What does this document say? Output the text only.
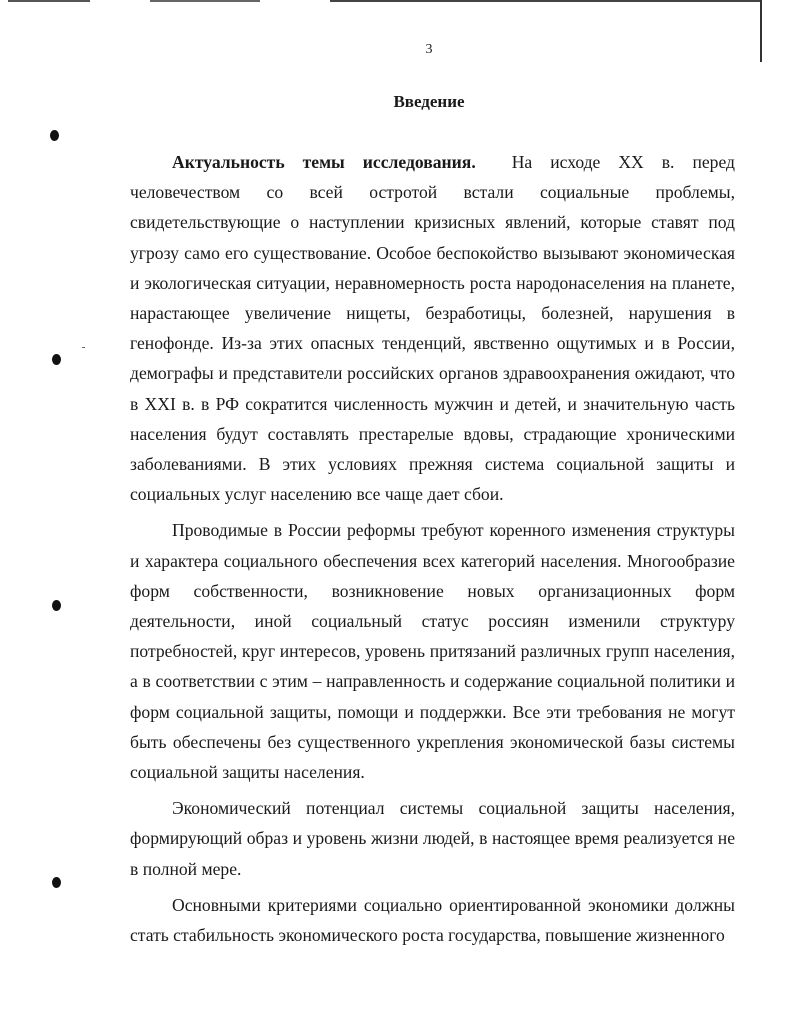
3
Введение

Актуальность темы исследования. На исходе XX в. перед человечеством со всей остротой встали социальные проблемы, свидетельствующие о наступлении кризисных явлений, которые ставят под угрозу само его существование. Особое беспокойство вызывают экономическая и экологическая ситуации, неравномерность роста народонаселения на планете, нарастающее увеличение нищеты, безработицы, болезней, нарушения в генофонде. Из-за этих опасных тенденций, явственно ощутимых и в России, демографы и представители российских органов здравоохранения ожидают, что в XXI в. в РФ сократится численность мужчин и детей, и значительную часть населения будут составлять престарелые вдовы, страдающие хроническими заболеваниями. В этих условиях прежняя система социальной защиты и социальных услуг населению все чаще дает сбои.

Проводимые в России реформы требуют коренного изменения структуры и характера социального обеспечения всех категорий населения. Многообразие форм собственности, возникновение новых организационных форм деятельности, иной социальный статус россиян изменили структуру потребностей, круг интересов, уровень притязаний различных групп населения, а в соответствии с этим – направленность и содержание социальной политики и форм социальной защиты, помощи и поддержки. Все эти требования не могут быть обеспечены без существенного укрепления экономической базы системы социальной защиты населения.

Экономический потенциал системы социальной защиты населения, формирующий образ и уровень жизни людей, в настоящее время реализуется не в полной мере.

Основными критериями социально ориентированной экономики должны стать стабильность экономического роста государства, повышение жизненного
